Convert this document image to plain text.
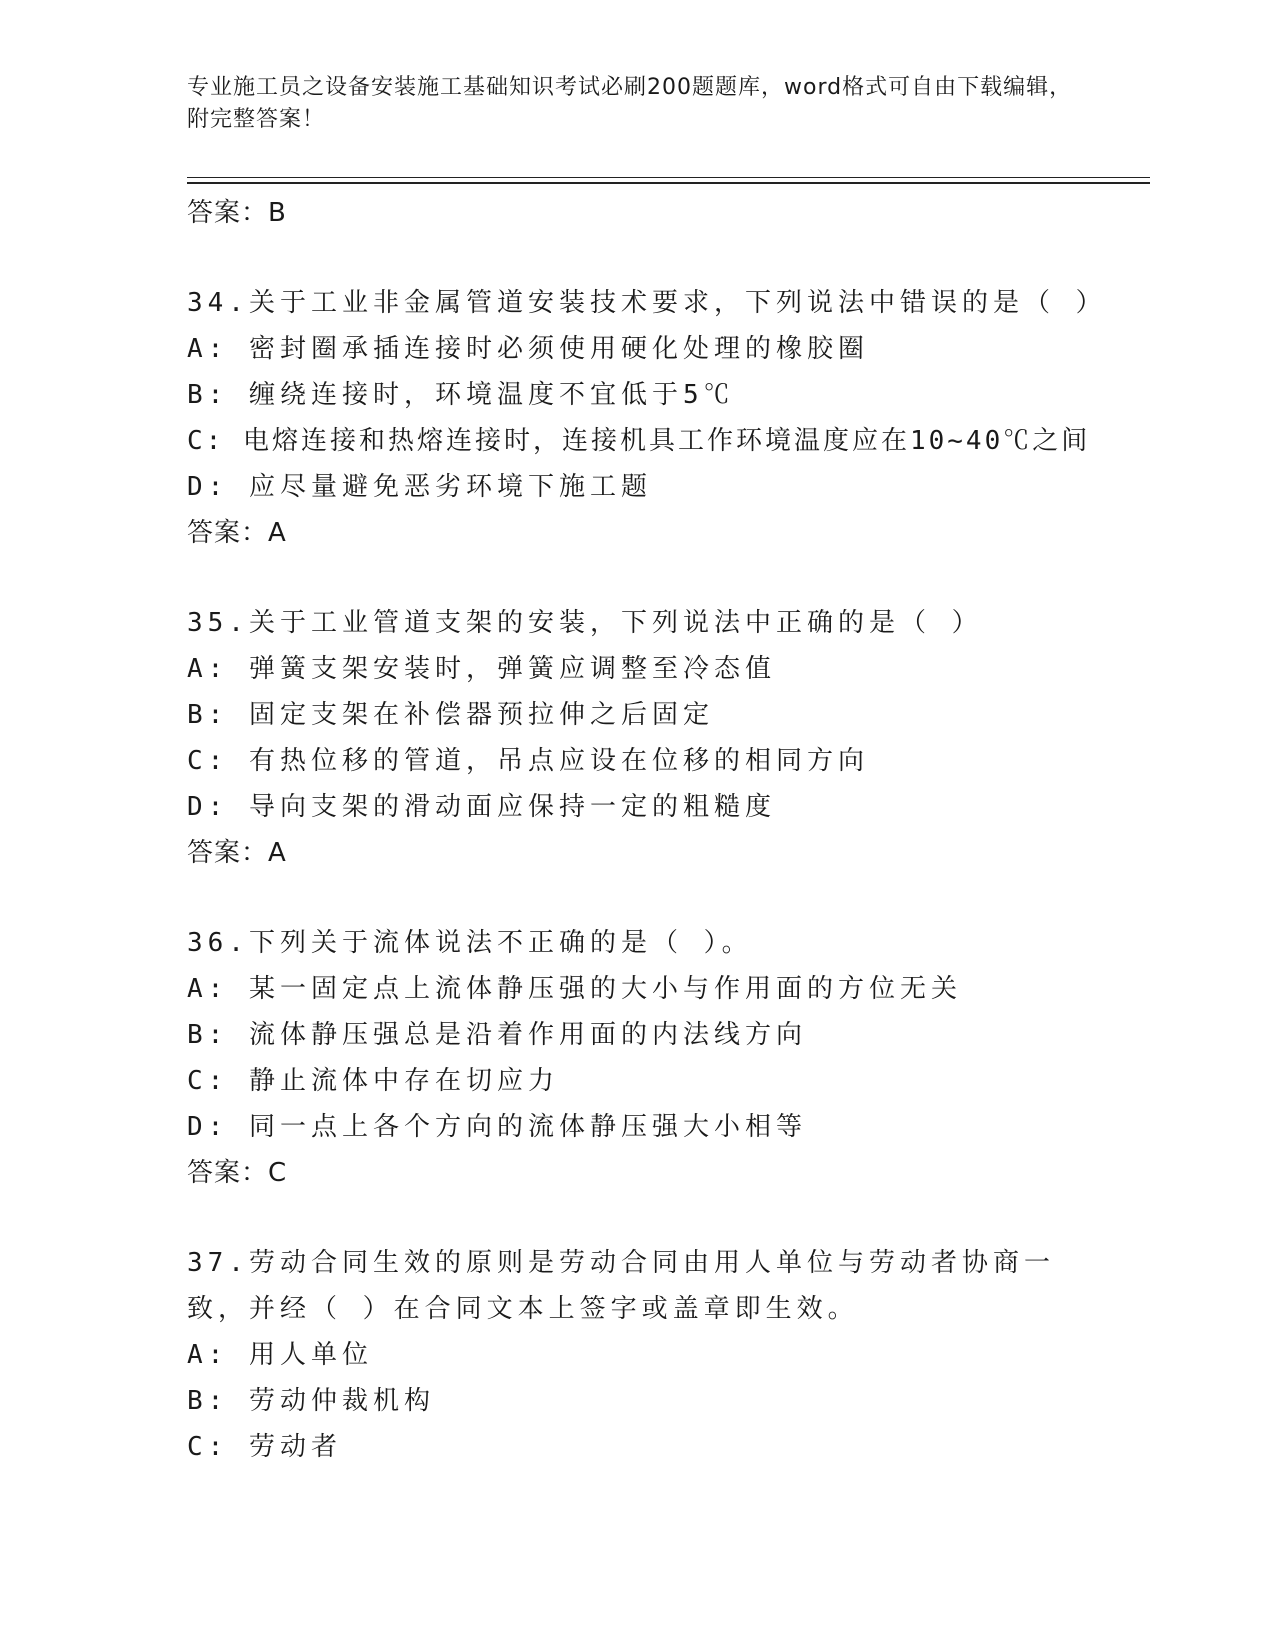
专业施工员之设备安装施工基础知识考试必刷200题题库，word格式可自由下载编辑，附完整答案！
答案：B
34.关于工业非金属管道安装技术要求，下列说法中错误的是（ ）
A: 密封圈承插连接时必须使用硬化处理的橡胶圈
B: 缠绕连接时，环境温度不宜低于5℃
C: 电熔连接和热熔连接时，连接机具工作环境温度应在10~40℃之间
D: 应尽量避免恶劣环境下施工题
答案：A
35.关于工业管道支架的安装，下列说法中正确的是（ ）
A: 弹簧支架安装时，弹簧应调整至冷态值
B: 固定支架在补偿器预拉伸之后固定
C: 有热位移的管道，吊点应设在位移的相同方向
D: 导向支架的滑动面应保持一定的粗糙度
答案：A
36.下列关于流体说法不正确的是（ ）。
A: 某一固定点上流体静压强的大小与作用面的方位无关
B: 流体静压强总是沿着作用面的内法线方向
C: 静止流体中存在切应力
D: 同一点上各个方向的流体静压强大小相等
答案：C
37.劳动合同生效的原则是劳动合同由用人单位与劳动者协商一致，并经（ ）在合同文本上签字或盖章即生效。
A: 用人单位
B: 劳动仲裁机构
C: 劳动者
